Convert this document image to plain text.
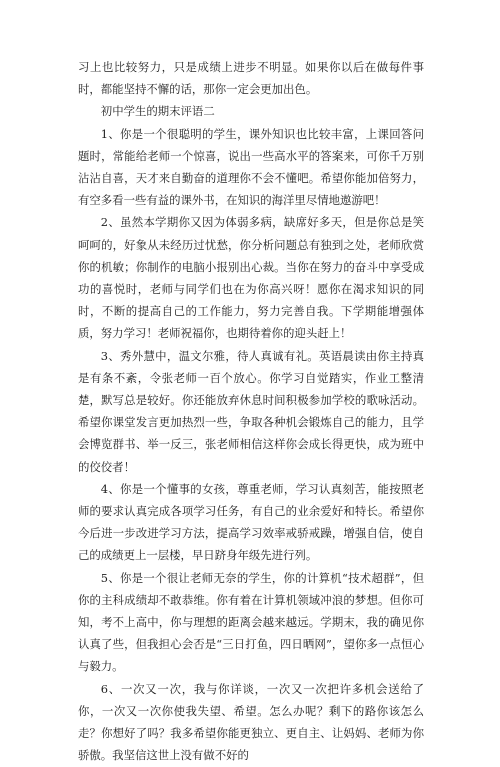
习上也比较努力，只是成绩上进步不明显。如果你以后在做每件事时，都能坚持不懈的话，那你一定会更加出色。

初中学生的期末评语二

1、你是一个很聪明的学生，课外知识也比较丰富，上课回答问题时，常能给老师一个惊喜，说出一些高水平的答案来，可你千万别沾沾自喜，天才来自勤奋的道理你不会不懂吧。希望你能加倍努力，有空多看一些有益的课外书，在知识的海洋里尽情地遨游吧！

2、虽然本学期你又因为体弱多病，缺席好多天，但是你总是笑呵呵的，好象从未经历过忧愁，你分析问题总有独到之处，老师欣赏你的机敏；你制作的电脑小报别出心裁。当你在努力的奋斗中享受成功的喜悦时，老师与同学们也在为你高兴呀！愿你在渴求知识的同时，不断的提高自己的工作能力，努力完善自我。下学期能增强体质，努力学习！老师祝福你，也期待着你的迎头赶上！

3、秀外慧中，温文尔雅，待人真诚有礼。英语晨读由你主持真是有条不紊，令张老师一百个放心。你学习自觉踏实，作业工整清楚，默写总是较好。你还能放弃休息时间积极参加学校的歌咏活动。希望你课堂发言更加热烈一些，争取各种机会锻炼自己的能力，且学会博览群书、举一反三，张老师相信这样你会成长得更快，成为班中的佼佼者！

4、你是一个懂事的女孩，尊重老师，学习认真刻苦，能按照老师的要求认真完成各项学习任务，有自己的业余爱好和特长。希望你今后进一步改进学习方法，提高学习效率戒骄戒躁，增强自信，使自己的成绩更上一层楼，早日跻身年级先进行列。

5、你是一个很让老师无奈的学生，你的计算机“技术超群”，但你的主科成绩却不敢恭维。你有着在计算机领域冲浪的梦想。但你可知，考不上高中，你与理想的距离会越来越远。学期末，我的确见你认真了些，但我担心会否是“三日打鱼，四日晒网”，望你多一点恒心与毅力。

6、一次又一次，我与你详谈，一次又一次把许多机会送给了你，一次又一次你使我失望、希望。怎么办呢？剩下的路你该怎么走？你想好了吗？我多希望你能更独立、更自主、让妈妈、老师为你骄傲。我坚信这世上没有做不好的
